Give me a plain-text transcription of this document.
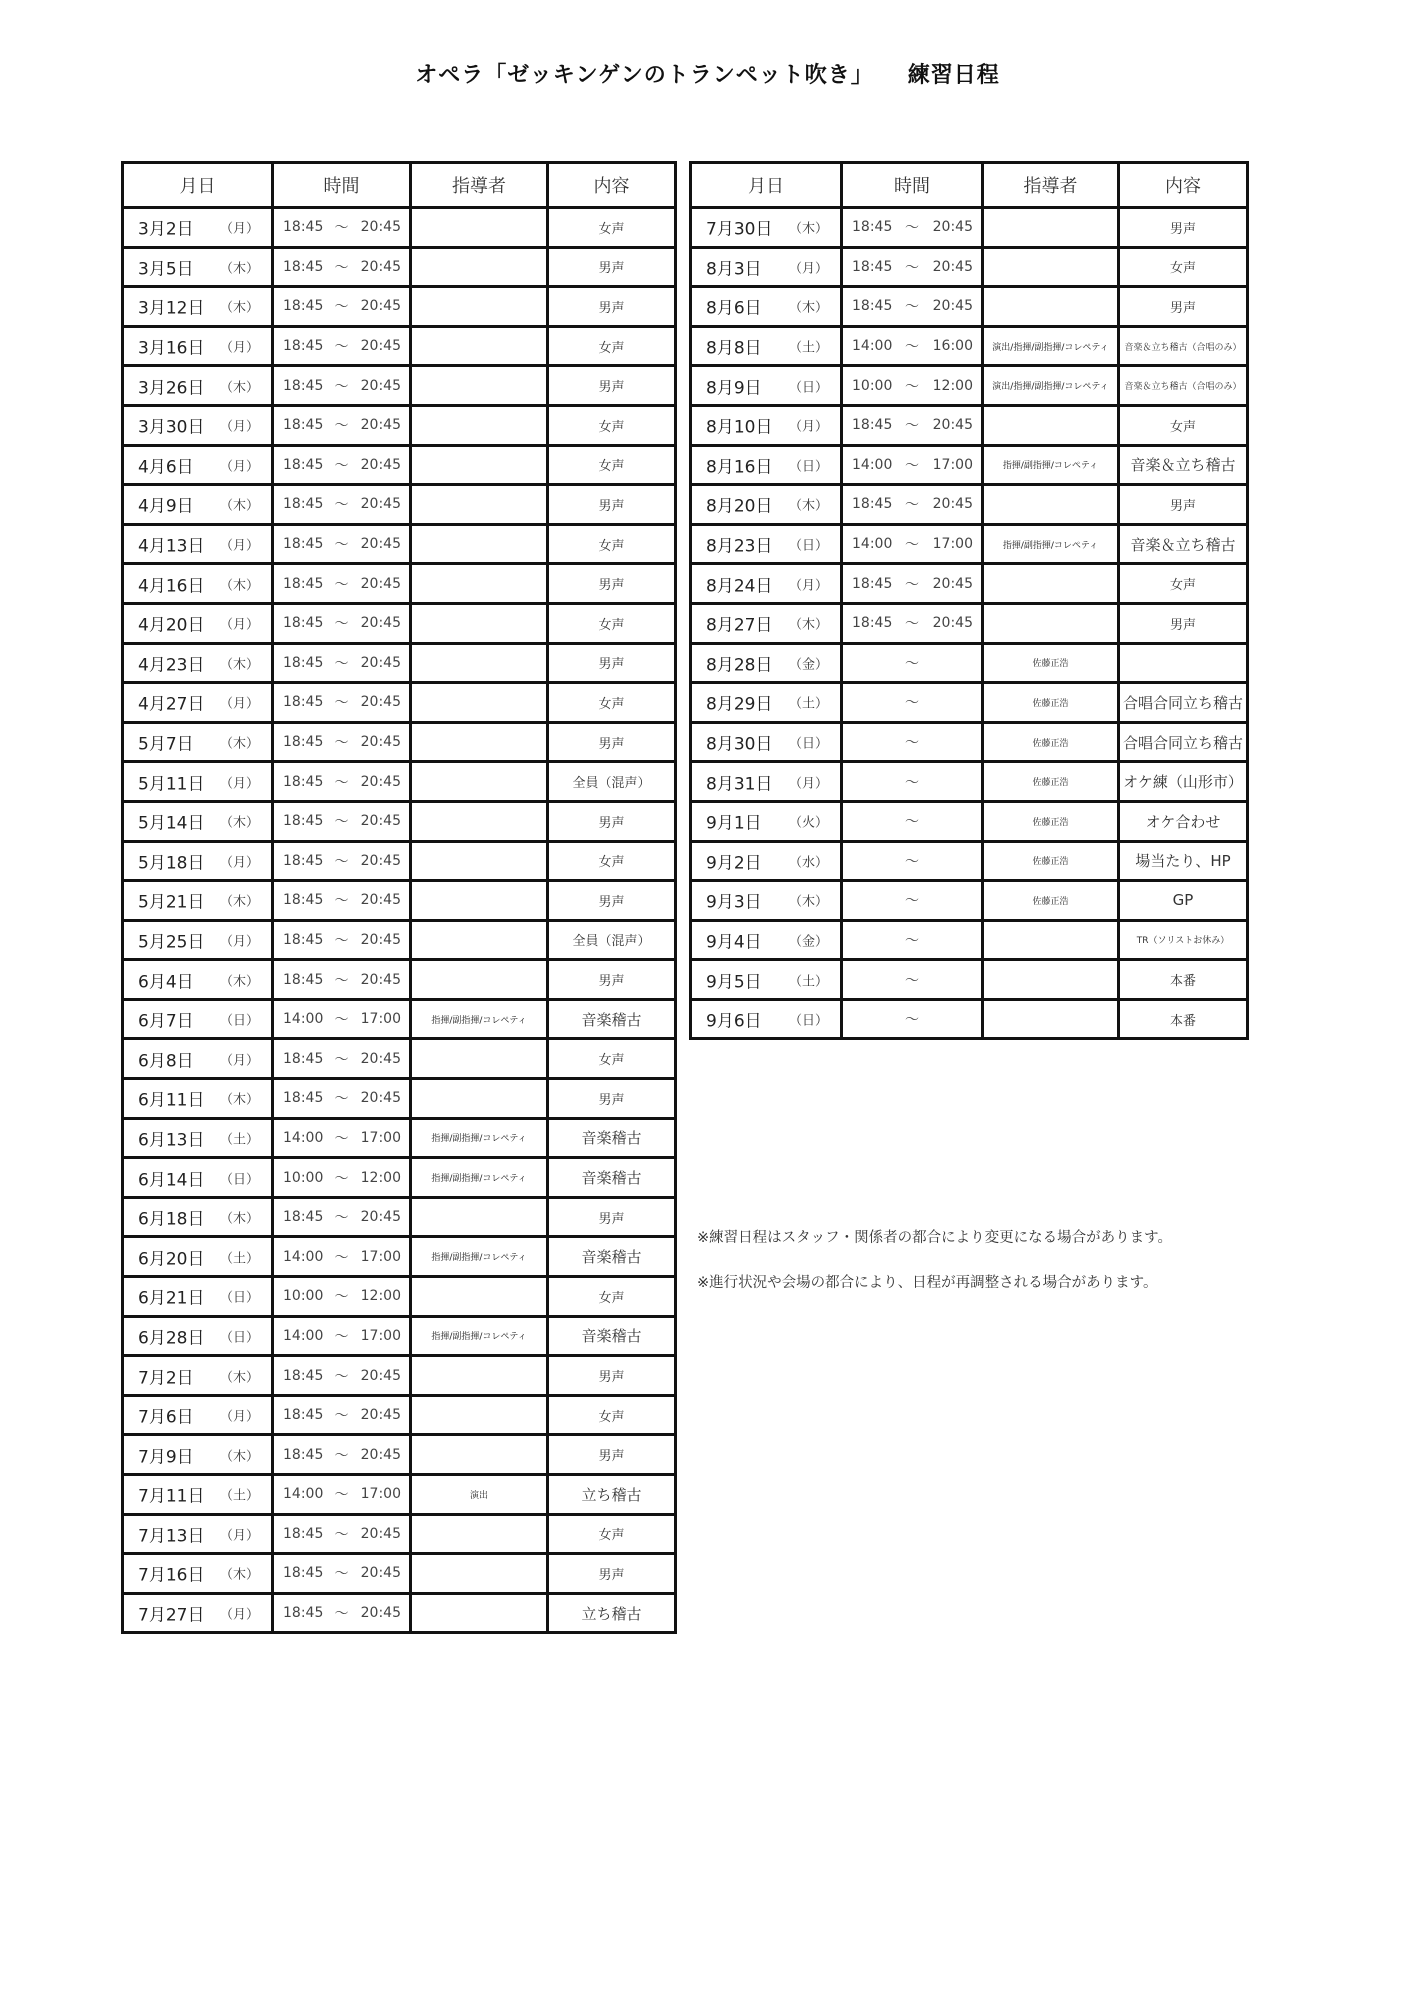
オペラ「ゼッキンゲンのトランペット吹き」 練習日程
月日	時間	指導者	内容

3月2日 （月）	18:45 ～ 20:45		女声

3月5日 （木）	18:45 ～ 20:45		男声

3月12日 （木）	18:45 ～ 20:45		男声

3月16日 （月）	18:45 ～ 20:45		女声

3月26日 （木）	18:45 ～ 20:45		男声

3月30日 （月）	18:45 ～ 20:45		女声

4月6日 （月）	18:45 ～ 20:45		女声

4月9日 （木）	18:45 ～ 20:45		男声

4月13日 （月）	18:45 ～ 20:45		女声

4月16日 （木）	18:45 ～ 20:45		男声

4月20日 （月）	18:45 ～ 20:45		女声

4月23日 （木）	18:45 ～ 20:45		男声

4月27日 （月）	18:45 ～ 20:45		女声

5月7日 （木）	18:45 ～ 20:45		男声

5月11日 （月）	18:45 ～ 20:45		全員（混声）

5月14日 （木）	18:45 ～ 20:45		男声

5月18日 （月）	18:45 ～ 20:45		女声

5月21日 （木）	18:45 ～ 20:45		男声

5月25日 （月）	18:45 ～ 20:45		全員（混声）

6月4日 （木）	18:45 ～ 20:45		男声

6月7日 （日）	14:00 ～ 17:00	指揮/副指揮/コレペティ	音楽稽古

6月8日 （月）	18:45 ～ 20:45		女声

6月11日 （木）	18:45 ～ 20:45		男声

6月13日 （土）	14:00 ～ 17:00	指揮/副指揮/コレペティ	音楽稽古

6月14日 （日）	10:00 ～ 12:00	指揮/副指揮/コレペティ	音楽稽古

6月18日 （木）	18:45 ～ 20:45		男声

6月20日 （土）	14:00 ～ 17:00	指揮/副指揮/コレペティ	音楽稽古

6月21日 （日）	10:00 ～ 12:00		女声

6月28日 （日）	14:00 ～ 17:00	指揮/副指揮/コレペティ	音楽稽古

7月2日 （木）	18:45 ～ 20:45		男声

7月6日 （月）	18:45 ～ 20:45		女声

7月9日 （木）	18:45 ～ 20:45		男声

7月11日 （土）	14:00 ～ 17:00	演出	立ち稽古

7月13日 （月）	18:45 ～ 20:45		女声

7月16日 （木）	18:45 ～ 20:45		男声

7月27日 （月）	18:45 ～ 20:45		立ち稽古
月日	時間	指導者	内容

7月30日 （木）	18:45 ～ 20:45		男声

8月3日 （月）	18:45 ～ 20:45		女声

8月6日 （木）	18:45 ～ 20:45		男声

8月8日 （土）	14:00 ～ 16:00	演出/指揮/副指揮/コレペティ	音楽＆立ち稽古（合唱のみ）

8月9日 （日）	10:00 ～ 12:00	演出/指揮/副指揮/コレペティ	音楽＆立ち稽古（合唱のみ）

8月10日 （月）	18:45 ～ 20:45		女声

8月16日 （日）	14:00 ～ 17:00	指揮/副指揮/コレペティ	音楽＆立ち稽古

8月20日 （木）	18:45 ～ 20:45		男声

8月23日 （日）	14:00 ～ 17:00	指揮/副指揮/コレペティ	音楽＆立ち稽古

8月24日 （月）	18:45 ～ 20:45		女声

8月27日 （木）	18:45 ～ 20:45		男声

8月28日 （金）	～	佐藤正浩	

8月29日 （土）	～	佐藤正浩	合唱合同立ち稽古

8月30日 （日）	～	佐藤正浩	合唱合同立ち稽古

8月31日 （月）	～	佐藤正浩	オケ練（山形市）

9月1日 （火）	～	佐藤正浩	オケ合わせ

9月2日 （水）	～	佐藤正浩	場当たり、HP

9月3日 （木）	～	佐藤正浩	GP

9月4日 （金）	～		TR（ソリストお休み）

9月5日 （土）	～		本番

9月6日 （日）	～		本番
※練習日程はスタッフ・関係者の都合により変更になる場合があります。
※進行状況や会場の都合により、日程が再調整される場合があります。
